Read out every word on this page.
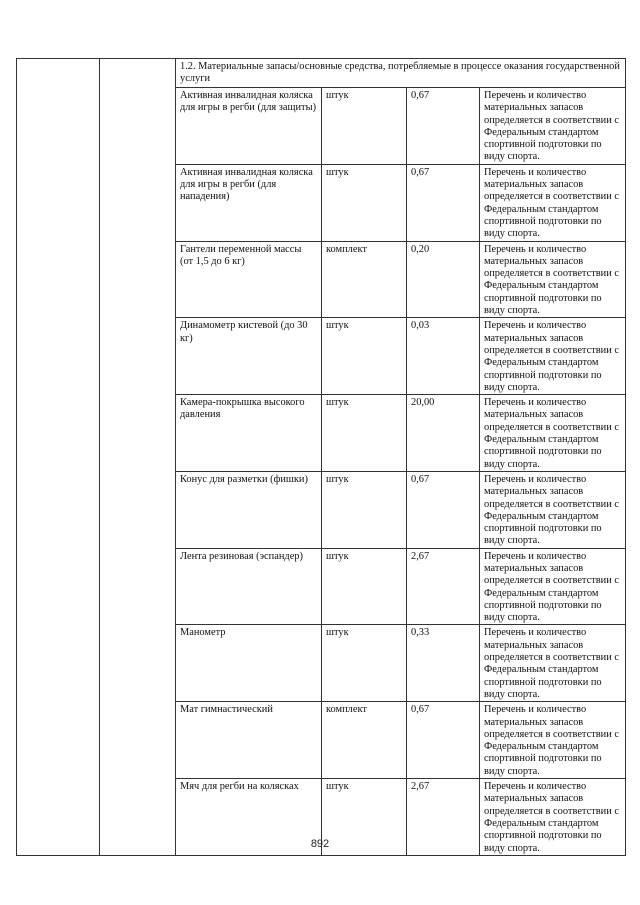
		1.2. Материальные запасы/основные средства, потребляемые в процессе оказания государственной услуги			
		Активная инвалидная коляска для игры в регби (для защиты)	штук	0,67	Перечень и количество материальных запасов определяется в соответствии с Федеральным стандартом спортивной подготовки по виду спорта.
		Активная инвалидная коляска для игры в регби (для нападения)	штук	0,67	Перечень и количество материальных запасов определяется в соответствии с Федеральным стандартом спортивной подготовки по виду спорта.
		Гантели переменной массы (от 1,5 до 6 кг)	комплект	0,20	Перечень и количество материальных запасов определяется в соответствии с Федеральным стандартом спортивной подготовки по виду спорта.
		Динамометр кистевой (до 30 кг)	штук	0,03	Перечень и количество материальных запасов определяется в соответствии с Федеральным стандартом спортивной подготовки по виду спорта.
		Камера-покрышка высокого давления	штук	20,00	Перечень и количество материальных запасов определяется в соответствии с Федеральным стандартом спортивной подготовки по виду спорта.
		Конус для разметки (фишки)	штук	0,67	Перечень и количество материальных запасов определяется в соответствии с Федеральным стандартом спортивной подготовки по виду спорта.
		Лента резиновая (эспандер)	штук	2,67	Перечень и количество материальных запасов определяется в соответствии с Федеральным стандартом спортивной подготовки по виду спорта.
		Манометр	штук	0,33	Перечень и количество материальных запасов определяется в соответствии с Федеральным стандартом спортивной подготовки по виду спорта.
		Мат гимнастический	комплект	0,67	Перечень и количество материальных запасов определяется в соответствии с Федеральным стандартом спортивной подготовки по виду спорта.
		Мяч для регби на колясках	штук	2,67	Перечень и количество материальных запасов определяется в соответствии с Федеральным стандартом спортивной подготовки по виду спорта.
892
